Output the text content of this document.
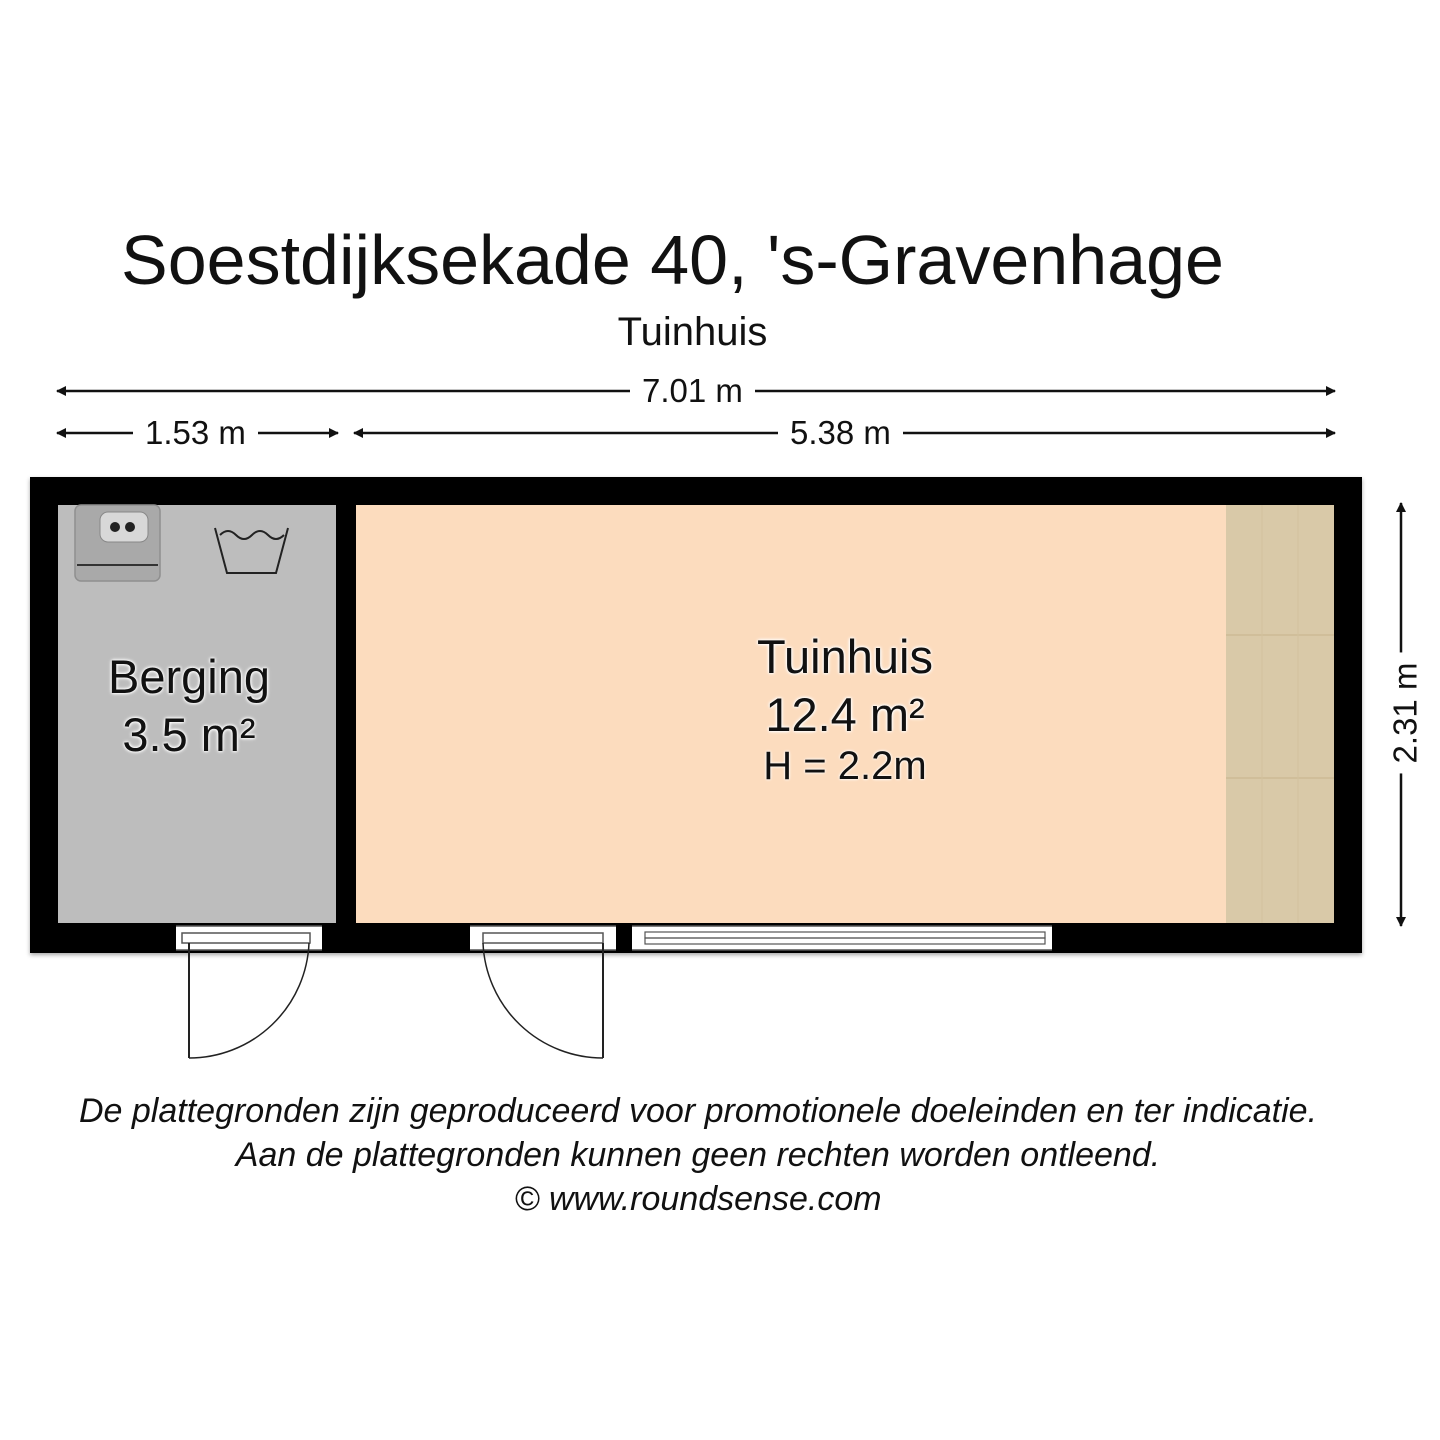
Soestdijksekade 40, 's-Gravenhage
Tuinhuis
7.01 m
1.53 m	5.38 m
2.31 m
Berging
3.5 m²
Tuinhuis
12.4 m²
H = 2.2m
De plattegronden zijn geproduceerd voor promotionele doeleinden en ter indicatie.
Aan de plattegronden kunnen geen rechten worden ontleend.
© www.roundsense.com
